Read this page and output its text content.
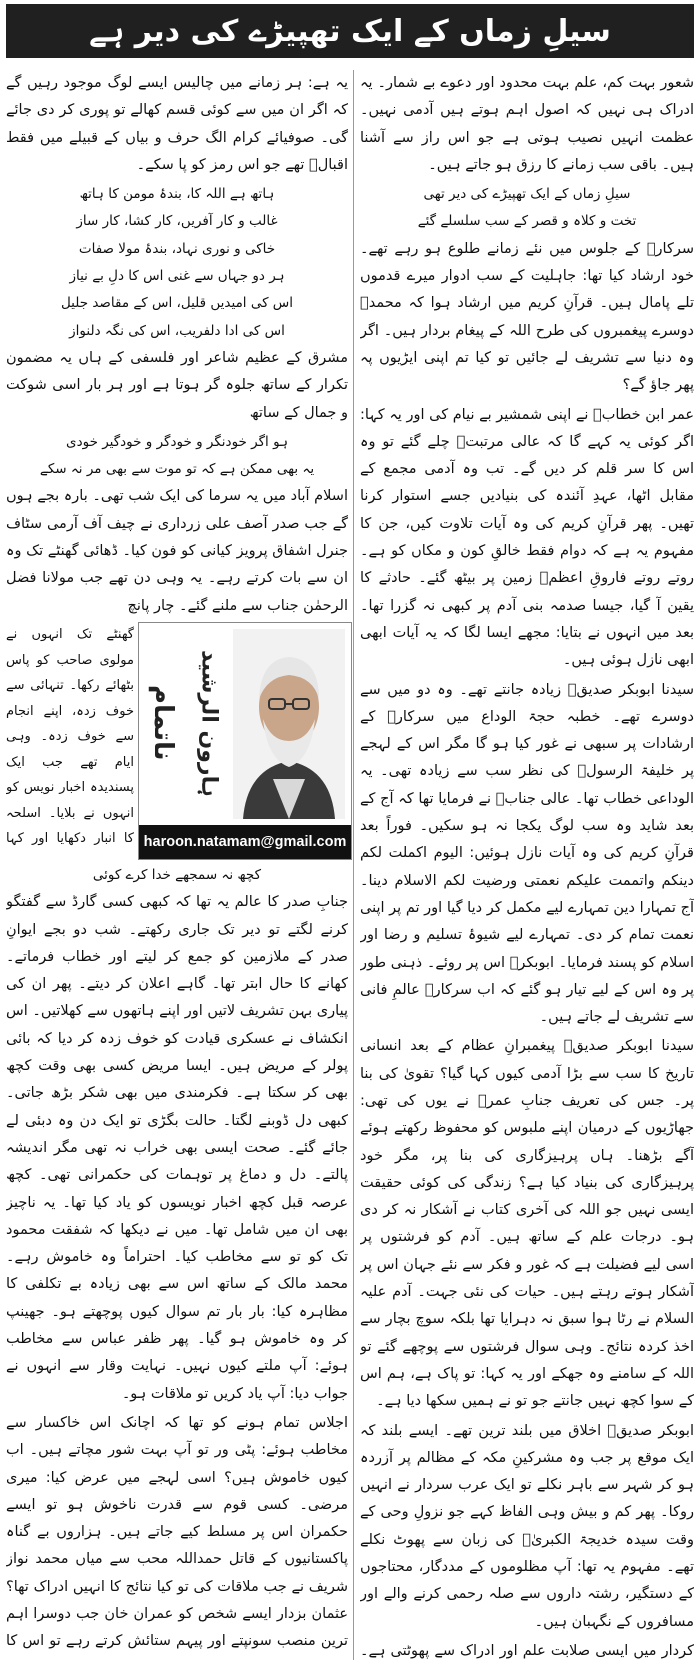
سیلِ زماں کے ایک تھپیڑے کی دیر ہے

شعور بہت کم، علم بہت محدود اور دعوے بے شمار۔ یہ ادراک ہی نہیں کہ اصول اہم ہوتے ہیں آدمی نہیں۔ عظمت انہیں نصیب ہوتی ہے جو اس راز سے آشنا ہیں۔ باقی سب زمانے کا رزق ہو جاتے ہیں۔

سیلِ زماں کے ایک تھپیڑے کی دیر تھی

تخت و کلاہ و قصر کے سب سلسلے گئے

سرکارؐ کے جلوس میں نئے زمانے طلوع ہو رہے تھے۔ خود ارشاد کیا تھا: جاہلیت کے سب ادوار میرے قدموں تلے پامال ہیں۔ قرآنِ کریم میں ارشاد ہوا کہ محمدؐ دوسرے پیغمبروں کی طرح اللہ کے پیغام بردار ہیں۔ اگر وہ دنیا سے تشریف لے جائیں تو کیا تم اپنی ایڑیوں پہ پھر جاؤ گے؟

عمر ابن خطابؓ نے اپنی شمشیر بے نیام کی اور یہ کہا: اگر کوئی یہ کہے گا کہ عالی مرتبتؐ چلے گئے تو وہ اس کا سر قلم کر دیں گے۔ تب وہ آدمی مجمع کے مقابل اٹھا، عہدِ آئندہ کی بنیادیں جسے استوار کرنا تھیں۔ پھر قرآنِ کریم کی وہ آیات تلاوت کیں، جن کا مفہوم یہ ہے کہ دوام فقط خالقِ کون و مکاں کو ہے۔ روتے روتے فاروقِ اعظمؓ زمین پر بیٹھ گئے۔ حادثے کا یقین آ گیا، جیسا صدمہ بنی آدم پر کبھی نہ گزرا تھا۔ بعد میں انہوں نے بتایا: مجھے ایسا لگا کہ یہ آیات ابھی ابھی نازل ہوئی ہیں۔

سیدنا ابوبکر صدیقؓ زیادہ جانتے تھے۔ وہ دو میں سے دوسرے تھے۔ خطبہ حجۃ الوداع میں سرکارؐ کے ارشادات پر سبھی نے غور کیا ہو گا مگر اس کے لہجے پر خلیفۃ الرسولؐ کی نظر سب سے زیادہ تھی۔ یہ الوداعی خطاب تھا۔ عالی جنابؐ نے فرمایا تھا کہ آج کے بعد شاید وہ سب لوگ یکجا نہ ہو سکیں۔ فوراً بعد قرآنِ کریم کی وہ آیات نازل ہوئیں: الیوم اکملت لکم دینکم واتممت علیکم نعمتی ورضیت لکم الاسلام دینا۔ آج تمہارا دین تمہارے لیے مکمل کر دیا گیا اور تم پر اپنی نعمت تمام کر دی۔ تمہارے لیے شیوۂ تسلیم و رضا اور اسلام کو پسند فرمایا۔ ابوبکرؓ اس پر روئے۔ ذہنی طور پر وہ اس کے لیے تیار ہو گئے کہ اب سرکارؐ عالمِ فانی سے تشریف لے جاتے ہیں۔

سیدنا ابوبکر صدیقؓ پیغمبرانِ عظام کے بعد انسانی تاریخ کا سب سے بڑا آدمی کیوں کہا گیا؟ تقویٰ کی بنا پر۔ جس کی تعریف جنابِ عمرؓ نے یوں کی تھی: جھاڑیوں کے درمیان اپنے ملبوس کو محفوظ رکھتے ہوئے آگے بڑھنا۔ ہاں پرہیزگاری کی بنا پر، مگر خود پرہیزگاری کی بنیاد کیا ہے؟ زندگی کی کوئی حقیقت ایسی نہیں جو اللہ کی آخری کتاب نے آشکار نہ کر دی ہو۔ درجات علم کے ساتھ ہیں۔ آدم کو فرشتوں پر اسی لیے فضیلت ہے کہ غور و فکر سے نئے جہان اس پر آشکار ہوتے رہتے ہیں۔ حیات کی نئی جہت۔ آدم علیہ السلام نے رٹا ہوا سبق نہ دہرایا تھا بلکہ سوچ بچار سے اخذ کردہ نتائج۔ وہی سوال فرشتوں سے پوچھے گئے تو اللہ کے سامنے وہ جھکے اور یہ کہا: تو پاک ہے، ہم اس کے سوا کچھ نہیں جانتے جو تو نے ہمیں سکھا دیا ہے۔

ابوبکر صدیقؓ اخلاق میں بلند ترین تھے۔ ایسے بلند کہ ایک موقع پر جب وہ مشرکینِ مکہ کے مظالم پر آزردہ ہو کر شہر سے باہر نکلے تو ایک عرب سردار نے انہیں روکا۔ پھر کم و بیش وہی الفاظ کہے جو نزولِ وحی کے وقت سیدہ خدیجۃ الکبریٰؓ کی زبان سے پھوٹ نکلے تھے۔ مفہوم یہ تھا: آپ مظلوموں کے مددگار، محتاجوں کے دستگیر، رشتہ داروں سے صلہ رحمی کرنے والے اور مسافروں کے نگہبان ہیں۔

کردار میں ایسی صلابت علم اور ادراک سے پھوٹتی ہے۔

یہ ہے: ہر زمانے میں چالیس ایسے لوگ موجود رہیں گے کہ اگر ان میں سے کوئی قسم کھالے تو پوری کر دی جائے گی۔ صوفیائے کرام الگ حرف و بیاں کے قبیلے میں فقط اقبالؒ تھے جو اس رمز کو پا سکے۔

ہاتھ ہے اللہ کا، بندۂ مومن کا ہاتھ

غالب و کار آفریں، کار کشا، کار ساز

خاکی و نوری نہاد، بندۂ مولا صفات

ہر دو جہاں سے غنی اس کا دلِ بے نیاز

اس کی امیدیں قلیل، اس کے مقاصد جلیل

اس کی ادا دلفریب، اس کی نگہ دلنواز

مشرق کے عظیم شاعر اور فلسفی کے ہاں یہ مضمون تکرار کے ساتھ جلوہ گر ہوتا ہے اور ہر بار اسی شوکت و جمال کے ساتھ

ہو اگر خودنگر و خودگر و خودگیر خودی

یہ بھی ممکن ہے کہ تو موت سے بھی مر نہ سکے

اسلام آباد میں یہ سرما کی ایک شب تھی۔ بارہ بجے ہوں گے جب صدر آصف علی زرداری نے چیف آف آرمی سٹاف جنرل اشفاق پرویز کیانی کو فون کیا۔ ڈھائی گھنٹے تک وہ ان سے بات کرتے رہے۔ یہ وہی دن تھے جب مولانا فضل الرحمٰن جناب سے ملنے گئے۔ چار پانچ

ناتمام ہارون الرشید
haroon.natamam@gmail.com

گھنٹے تک انہوں نے مولوی صاحب کو پاس بٹھائے رکھا۔ تنہائی سے خوف زدہ، اپنے انجام سے خوف زدہ۔ وہی ایام تھے جب ایک پسندیدہ اخبار نویس کو انہوں نے بلایا۔ اسلحہ کا انبار دکھایا اور کہا

کچھ نہ سمجھے خدا کرے کوئی

جنابِ صدر کا عالم یہ تھا کہ کبھی کسی گارڈ سے گفتگو کرنے لگتے تو دیر تک جاری رکھتے۔ شب دو بجے ایوانِ صدر کے ملازمین کو جمع کر لیتے اور خطاب فرماتے۔ کھانے کا حال ابتر تھا۔ گاہے اعلان کر دیتے۔ پھر ان کی پیاری بہن تشریف لاتیں اور اپنے ہاتھوں سے کھلاتیں۔ اس انکشاف نے عسکری قیادت کو خوف زدہ کر دیا کہ بائی پولر کے مریض ہیں۔ ایسا مریض کسی بھی وقت کچھ بھی کر سکتا ہے۔ فکرمندی میں بھی شکر بڑھ جاتی۔ کبھی دل ڈوبنے لگتا۔ حالت بگڑی تو ایک دن وہ دبئی لے جائے گئے۔ صحت ایسی بھی خراب نہ تھی مگر اندیشہ پالتے۔ دل و دماغ پر توہمات کی حکمرانی تھی۔ کچھ عرصہ قبل کچھ اخبار نویسوں کو یاد کیا تھا۔ یہ ناچیز بھی ان میں شامل تھا۔ میں نے دیکھا کہ شفقت محمود تک کو تو سے مخاطب کیا۔ احتراماً وہ خاموش رہے۔ محمد مالک کے ساتھ اس سے بھی زیادہ بے تکلفی کا مظاہرہ کیا: بار بار تم سوال کیوں پوچھتے ہو۔ جھینپ کر وہ خاموش ہو گیا۔ پھر ظفر عباس سے مخاطب ہوئے: آپ ملتے کیوں نہیں۔ نہایت وقار سے انہوں نے جواب دیا: آپ یاد کریں تو ملاقات ہو۔

اجلاس تمام ہونے کو تھا کہ اچانک اس خاکسار سے مخاطب ہوئے: پٹی ور تو آپ بہت شور مچاتے ہیں۔ اب کیوں خاموش ہیں؟ اسی لہجے میں عرض کیا: میری مرضی۔ کسی قوم سے قدرت ناخوش ہو تو ایسے حکمران اس پر مسلط کیے جاتے ہیں۔ ہزاروں بے گناہ پاکستانیوں کے قاتل حمداللہ محب سے میاں محمد نواز شریف نے جب ملاقات کی تو کیا نتائج کا انہیں ادراک تھا؟ عثمان بزدار ایسے شخص کو عمران خان جب دوسرا اہم ترین منصب سونپتے اور پیہم ستائش کرتے رہے تو اس کا
